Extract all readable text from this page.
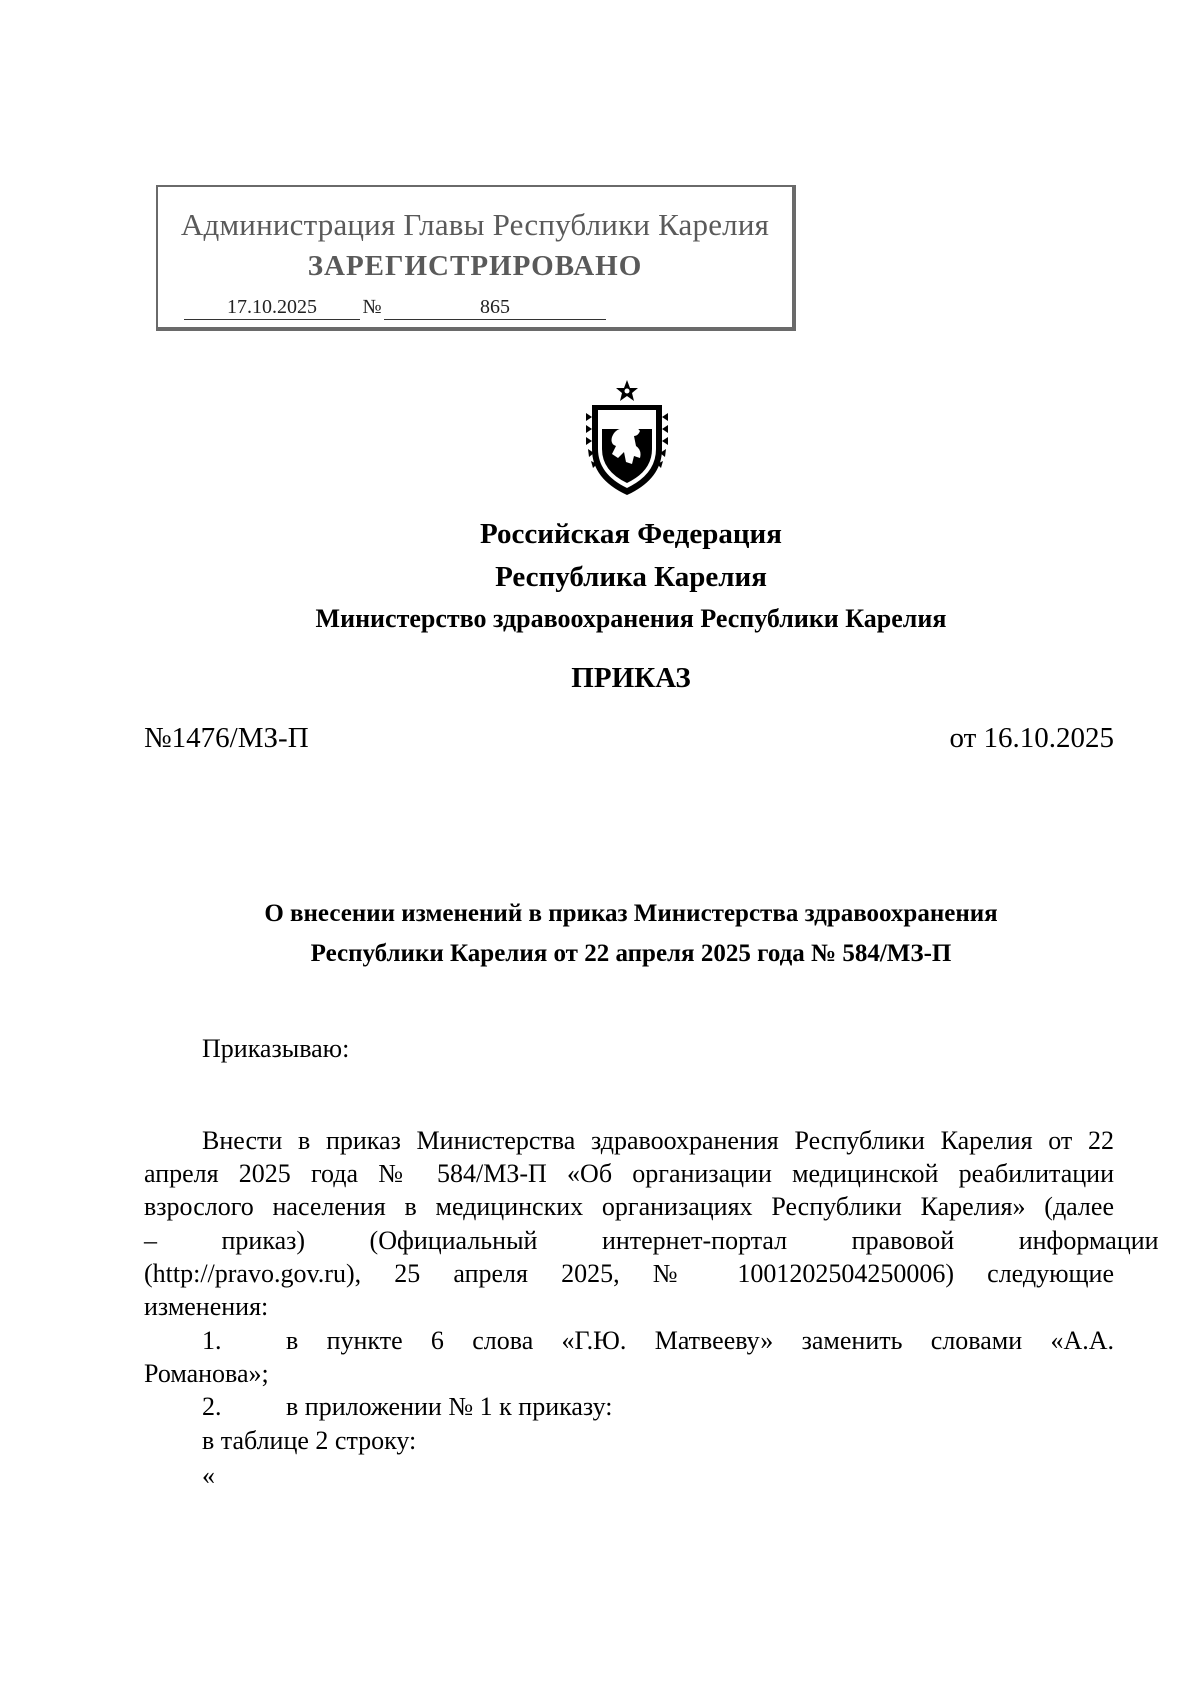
Администрация Главы Республики Карелия
ЗАРЕГИСТРИРОВАНО
17.10.2025	№	865
Российская Федерация
Республика Карелия
Министерство здравоохранения Республики Карелия
ПРИКАЗ
№1476/МЗ-П	от 16.10.2025
О внесении изменений в приказ Министерства здравоохранения
Республики Карелия от 22 апреля 2025 года № 584/МЗ-П
Приказываю:
Внести в приказ Министерства здравоохранения Республики Карелия от 22
апреля 2025 года № 584/МЗ-П «Об организации медицинской реабилитации
взрослого населения в медицинских организациях Республики Карелия» (далее
– приказ) (Официальный интернет-портал правовой информации
(http://pravo.gov.ru), 25 апреля 2025, № 1001202504250006) следующие
изменения:
1. в пункте 6 слова «Г.Ю. Матвееву» заменить словами «А.А.
Романова»;
2. в приложении № 1 к приказу:
в таблице 2 строку:
«
